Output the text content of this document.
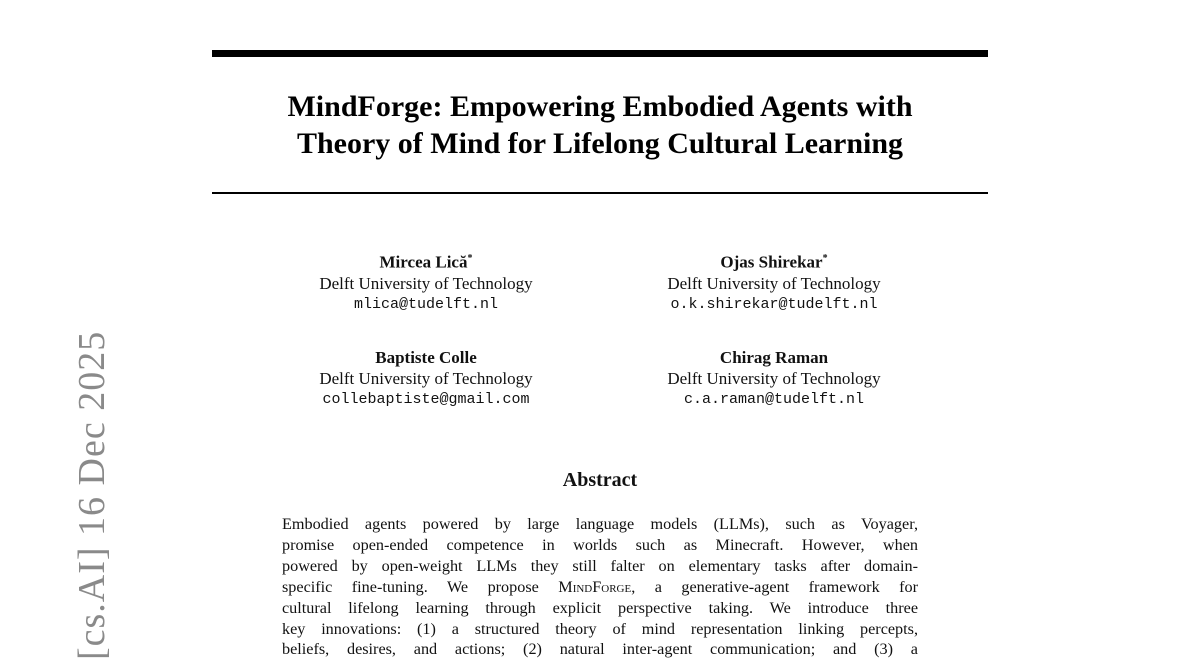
MindForge: Empowering Embodied Agents with
Theory of Mind for Lifelong Cultural Learning
Mircea Lică*
Delft University of Technology
mlica@tudelft.nl
Ojas Shirekar*
Delft University of Technology
o.k.shirekar@tudelft.nl
Baptiste Colle
Delft University of Technology
collebaptiste@gmail.com
Chirag Raman
Delft University of Technology
c.a.raman@tudelft.nl
Abstract
Embodied agents powered by large language models (LLMs), such as Voyager,
promise open-ended competence in worlds such as Minecraft. However, when
powered by open-weight LLMs they still falter on elementary tasks after domain-
specific fine-tuning. We propose MindForge, a generative-agent framework for
cultural lifelong learning through explicit perspective taking. We introduce three
key innovations: (1) a structured theory of mind representation linking percepts,
beliefs, desires, and actions; (2) natural inter-agent communication; and (3) a
[cs.AI] 16 Dec 2025
